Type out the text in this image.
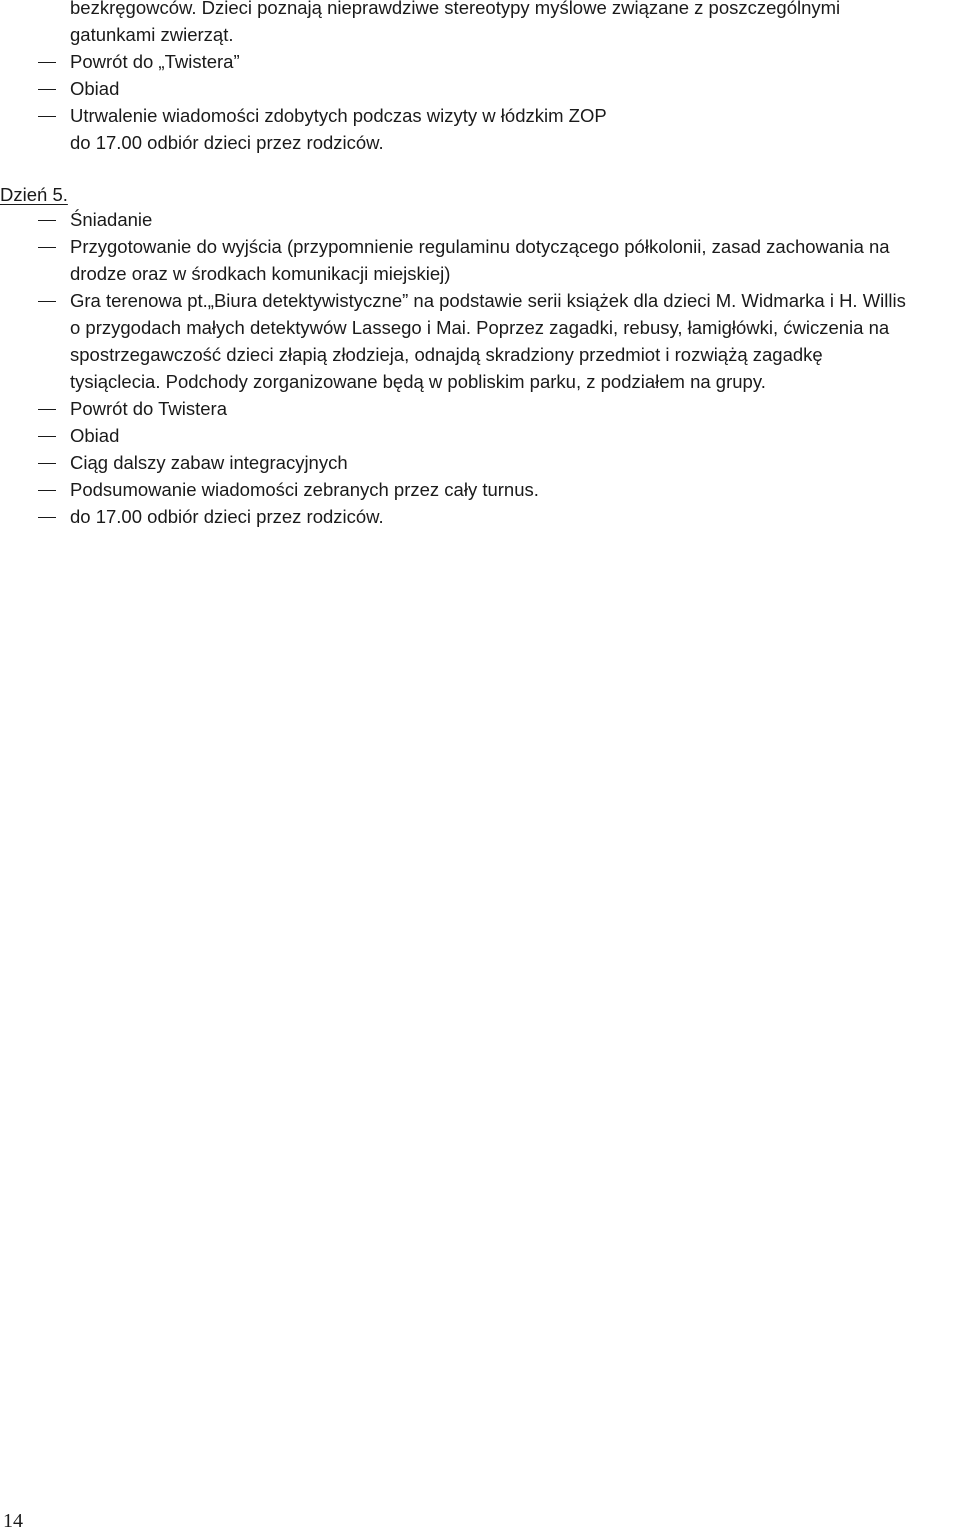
bezkręgowców. Dzieci poznają nieprawdziwe stereotypy myślowe związane z poszczególnymi
gatunkami zwierząt.
Powrót do „Twistera”
Obiad
Utrwalenie wiadomości zdobytych podczas wizyty w łódzkim ZOP
do 17.00 odbiór dzieci przez rodziców.
Dzień 5.
Śniadanie
Przygotowanie do wyjścia (przypomnienie regulaminu dotyczącego półkolonii, zasad zachowania na
drodze oraz w środkach komunikacji miejskiej)
Gra terenowa pt.„Biura detektywistyczne” na podstawie serii książek dla dzieci M. Widmarka i H. Willis
o przygodach małych detektywów Lassego i Mai. Poprzez zagadki, rebusy, łamigłówki, ćwiczenia na
spostrzegawczość dzieci złapią złodzieja, odnajdą skradziony przedmiot i rozwiążą zagadkę
tysiąclecia. Podchody zorganizowane będą w pobliskim parku, z podziałem na grupy.
Powrót do Twistera
Obiad
Ciąg dalszy zabaw integracyjnych
Podsumowanie wiadomości zebranych przez cały turnus.
do 17.00 odbiór dzieci przez rodziców.
14
